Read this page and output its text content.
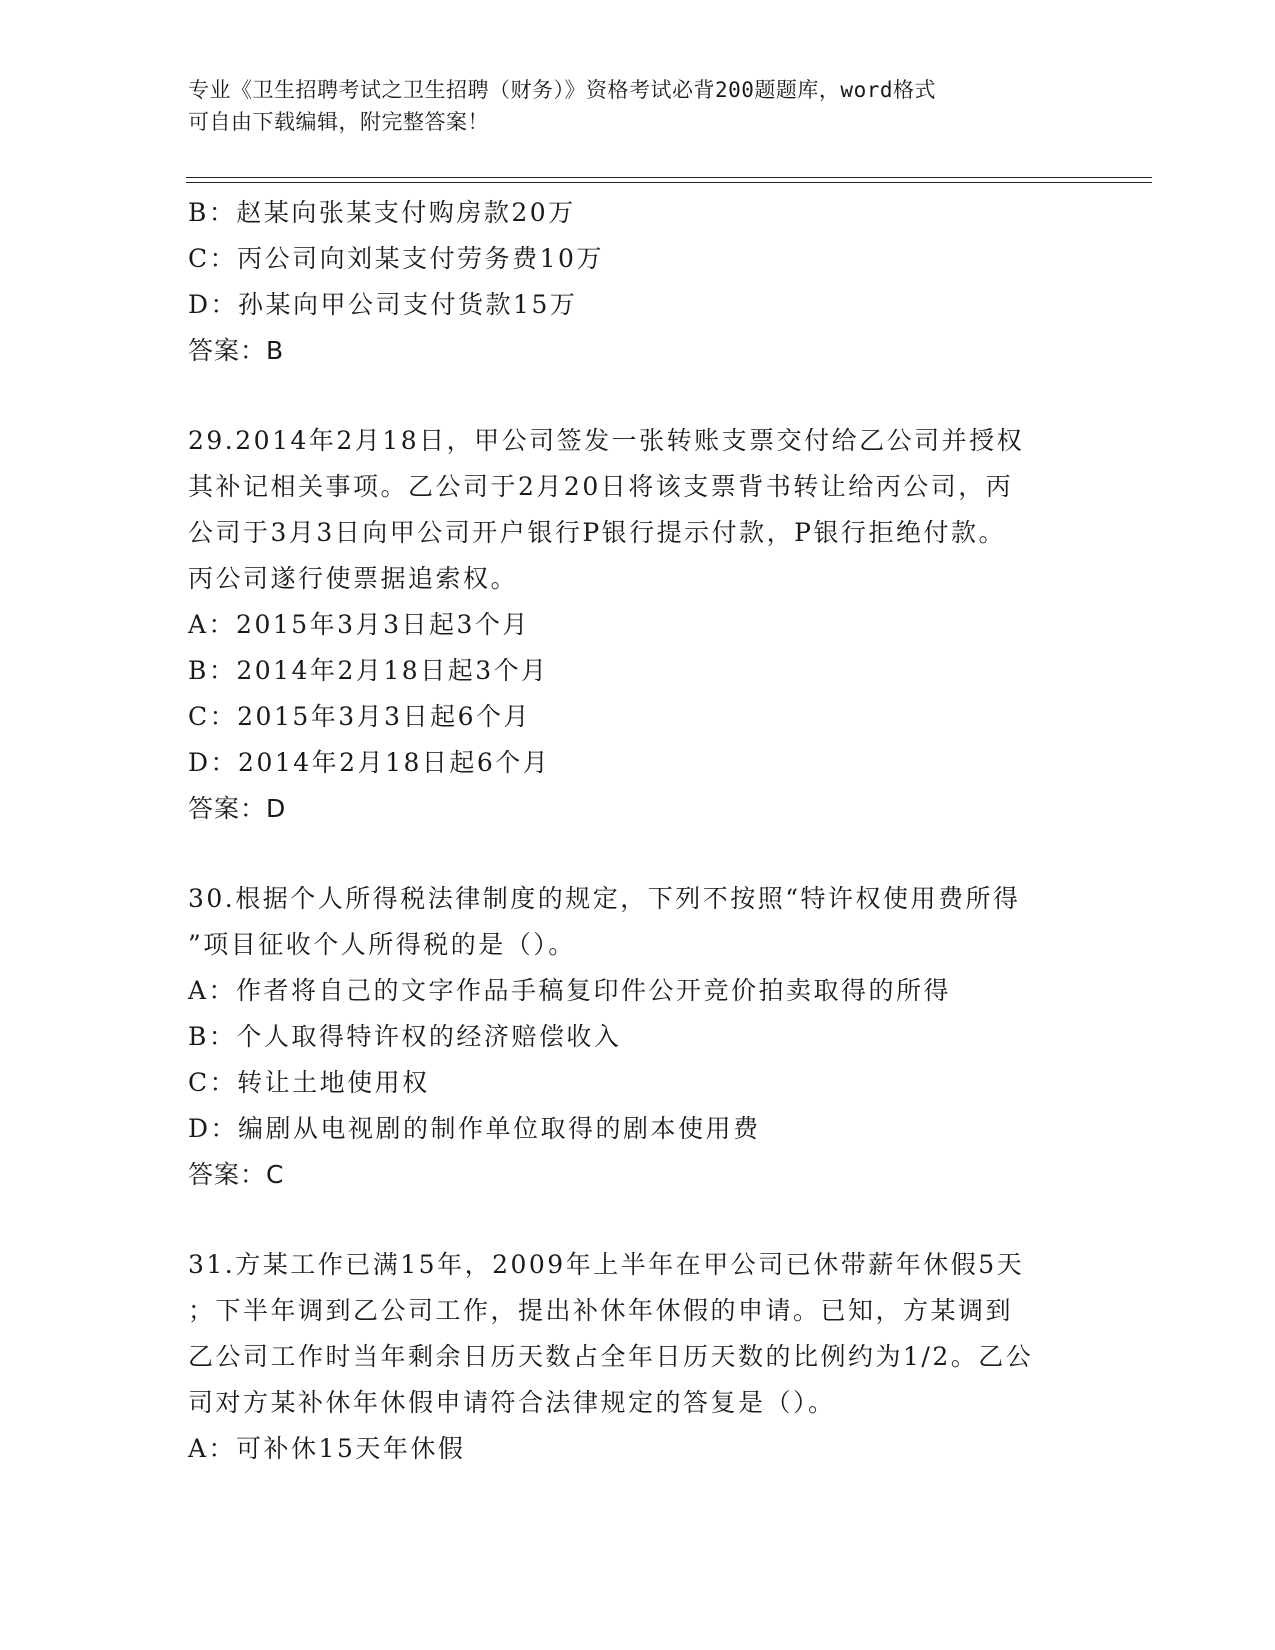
专业《卫生招聘考试之卫生招聘（财务）》资格考试必背200题题库，word格式
可自由下载编辑，附完整答案！
B：赵某向张某支付购房款20万
C：丙公司向刘某支付劳务费10万
D：孙某向甲公司支付货款15万
答案：B
29.2014年2月18日，甲公司签发一张转账支票交付给乙公司并授权
其补记相关事项。乙公司于2月20日将该支票背书转让给丙公司，丙
公司于3月3日向甲公司开户银行P银行提示付款，P银行拒绝付款。
丙公司遂行使票据追索权。
A：2015年3月3日起3个月
B：2014年2月18日起3个月
C：2015年3月3日起6个月
D：2014年2月18日起6个月
答案：D
30.根据个人所得税法律制度的规定，下列不按照“特许权使用费所得
”项目征收个人所得税的是（）。
A：作者将自己的文字作品手稿复印件公开竞价拍卖取得的所得
B：个人取得特许权的经济赔偿收入
C：转让土地使用权
D：编剧从电视剧的制作单位取得的剧本使用费
答案：C
31.方某工作已满15年，2009年上半年在甲公司已休带薪年休假5天
；下半年调到乙公司工作，提出补休年休假的申请。已知，方某调到
乙公司工作时当年剩余日历天数占全年日历天数的比例约为1/2。乙公
司对方某补休年休假申请符合法律规定的答复是（）。
A：可补休15天年休假
